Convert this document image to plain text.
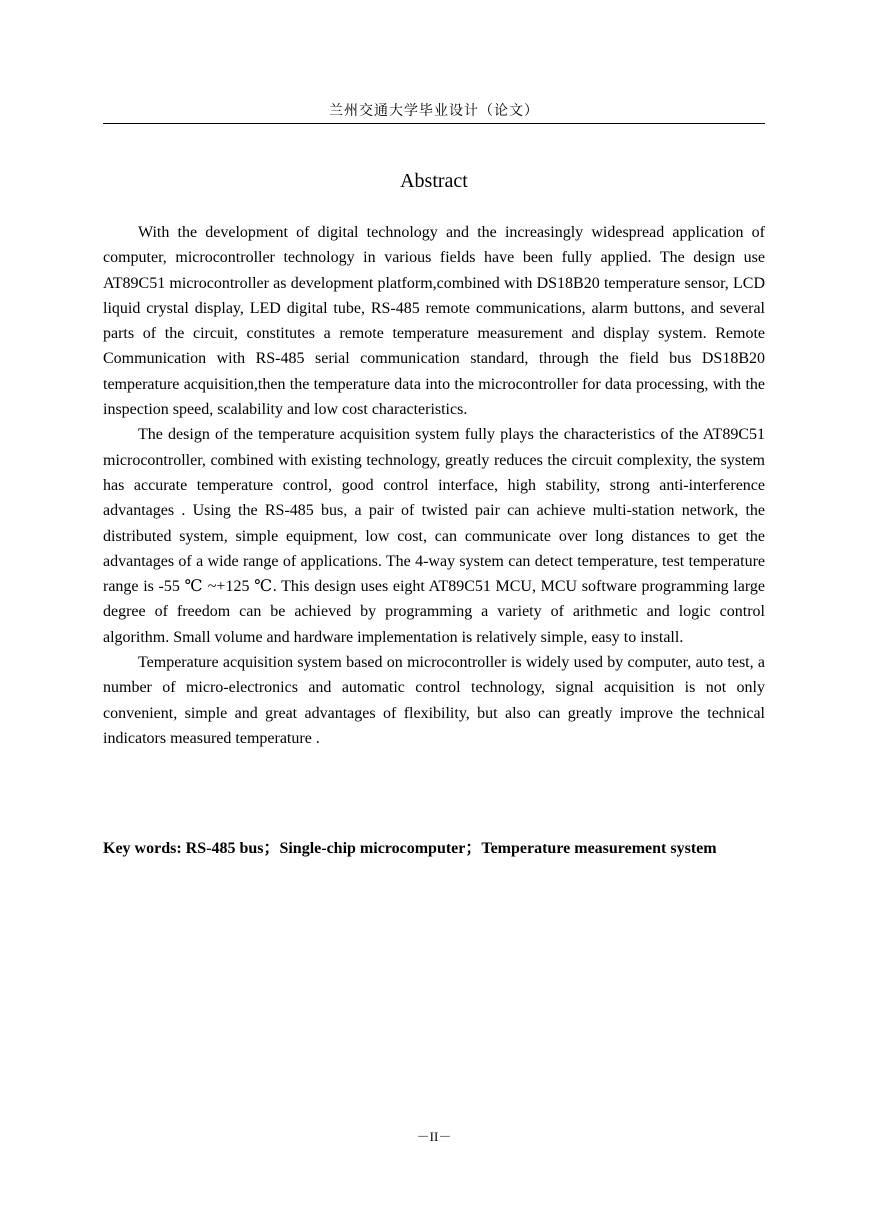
兰州交通大学毕业设计（论文）
Abstract

With the development of digital technology and the increasingly widespread application of computer, microcontroller technology in various fields have been fully applied. The design use AT89C51 microcontroller as development platform,combined with DS18B20 temperature sensor, LCD liquid crystal display, LED digital tube, RS-485 remote communications, alarm buttons, and several parts of the circuit, constitutes a remote temperature measurement and display system. Remote Communication with RS-485 serial communication standard, through the field bus DS18B20 temperature acquisition,then the temperature data into the microcontroller for data processing, with the inspection speed, scalability and low cost characteristics.

The design of the temperature acquisition system fully plays the characteristics of the AT89C51 microcontroller, combined with existing technology, greatly reduces the circuit complexity, the system has accurate temperature control, good control interface, high stability, strong anti-interference advantages . Using the RS-485 bus, a pair of twisted pair can achieve multi-station network, the distributed system, simple equipment, low cost, can communicate over long distances to get the advantages of a wide range of applications. The 4-way system can detect temperature, test temperature range is -55 ℃ ~+125 ℃. This design uses eight AT89C51 MCU, MCU software programming large degree of freedom can be achieved by programming a variety of arithmetic and logic control algorithm. Small volume and hardware implementation is relatively simple, easy to install.

Temperature acquisition system based on microcontroller is widely used by computer, auto test, a number of micro-electronics and automatic control technology, signal acquisition is not only convenient, simple and great advantages of flexibility, but also can greatly improve the technical indicators measured temperature .

Key words: RS-485 bus；Single-chip microcomputer；Temperature measurement system
－II－
